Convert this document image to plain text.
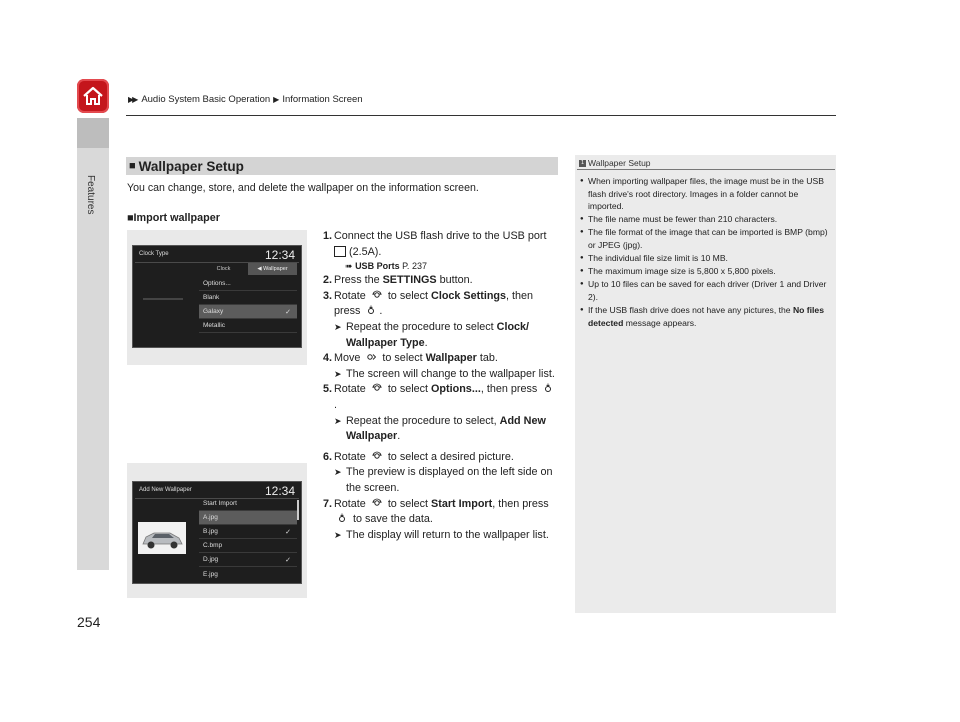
▶▶ Audio System Basic Operation ▶ Information Screen
Features
254
■ Wallpaper Setup
You can change, store, and delete the wallpaper on the information screen.
■Import wallpaper
Clock Type	12:34
Clock	◀ Wallpaper
Options...
Blank
Galaxy	✓
Metallic
Add New Wallpaper	12:34
Start Import
A.jpg
B.jpg	✓
C.bmp
D.jpg	✓
E.jpg
1. Connect the USB flash drive to the USB port
(2.5A).
➠ USB Ports P. 237
2. Press the SETTINGS button.
3. Rotate to select Clock Settings, then press .
➤ Repeat the procedure to select Clock/ Wallpaper Type.
4. Move to select Wallpaper tab.
➤ The screen will change to the wallpaper list.
5. Rotate to select Options..., then press .
➤ Repeat the procedure to select, Add New Wallpaper.
6. Rotate to select a desired picture.
➤ The preview is displayed on the left side on the screen.
7. Rotate to select Start Import, then press  to save the data.
➤ The display will return to the wallpaper list.
1 Wallpaper Setup
● When importing wallpaper files, the image must be in the USB flash drive's root directory. Images in a folder cannot be imported.
● The file name must be fewer than 210 characters.
● The file format of the image that can be imported is BMP (bmp) or JPEG (jpg).
● The individual file size limit is 10 MB.
● The maximum image size is 5,800 x 5,800 pixels.
● Up to 10 files can be saved for each driver (Driver 1 and Driver 2).
● If the USB flash drive does not have any pictures, the No files detected message appears.
